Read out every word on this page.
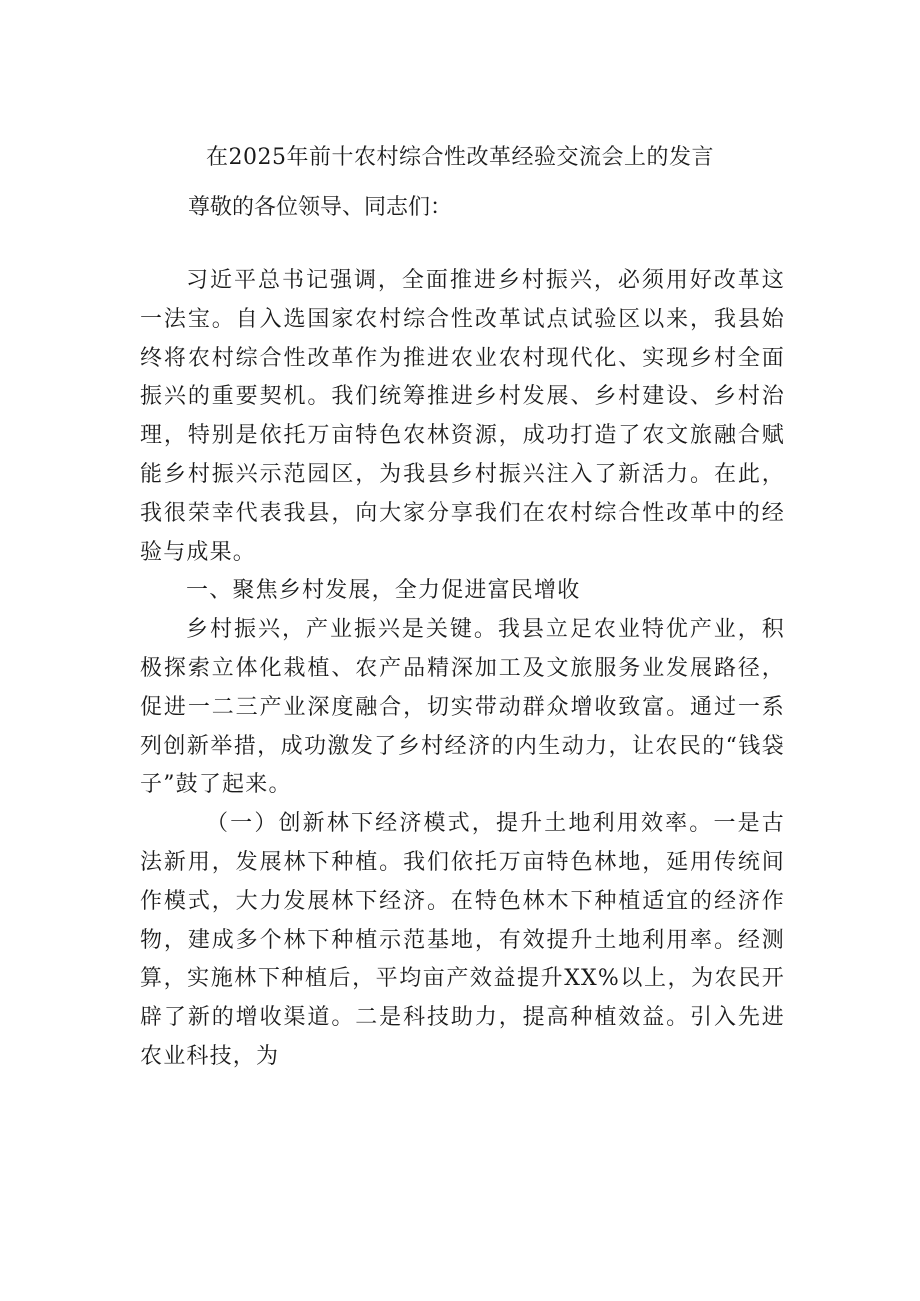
在2025年前十农村综合性改革经验交流会上的发言
尊敬的各位领导、同志们：

习近平总书记强调，全面推进乡村振兴，必须用好改革这一法宝。自入选国家农村综合性改革试点试验区以来，我县始终将农村综合性改革作为推进农业农村现代化、实现乡村全面振兴的重要契机。我们统筹推进乡村发展、乡村建设、乡村治理，特别是依托万亩特色农林资源，成功打造了农文旅融合赋能乡村振兴示范园区，为我县乡村振兴注入了新活力。在此，我很荣幸代表我县，向大家分享我们在农村综合性改革中的经验与成果。

一、聚焦乡村发展，全力促进富民增收

乡村振兴，产业振兴是关键。我县立足农业特优产业，积极探索立体化栽植、农产品精深加工及文旅服务业发展路径，促进一二三产业深度融合，切实带动群众增收致富。通过一系列创新举措，成功激发了乡村经济的内生动力，让农民的“钱袋子”鼓了起来。

（一）创新林下经济模式，提升土地利用效率。一是古法新用，发展林下种植。我们依托万亩特色林地，延用传统间作模式，大力发展林下经济。在特色林木下种植适宜的经济作物，建成多个林下种植示范基地，有效提升土地利用率。经测算，实施林下种植后，平均亩产效益提升XX%以上，为农民开辟了新的增收渠道。二是科技助力，提高种植效益。引入先进农业科技，为
